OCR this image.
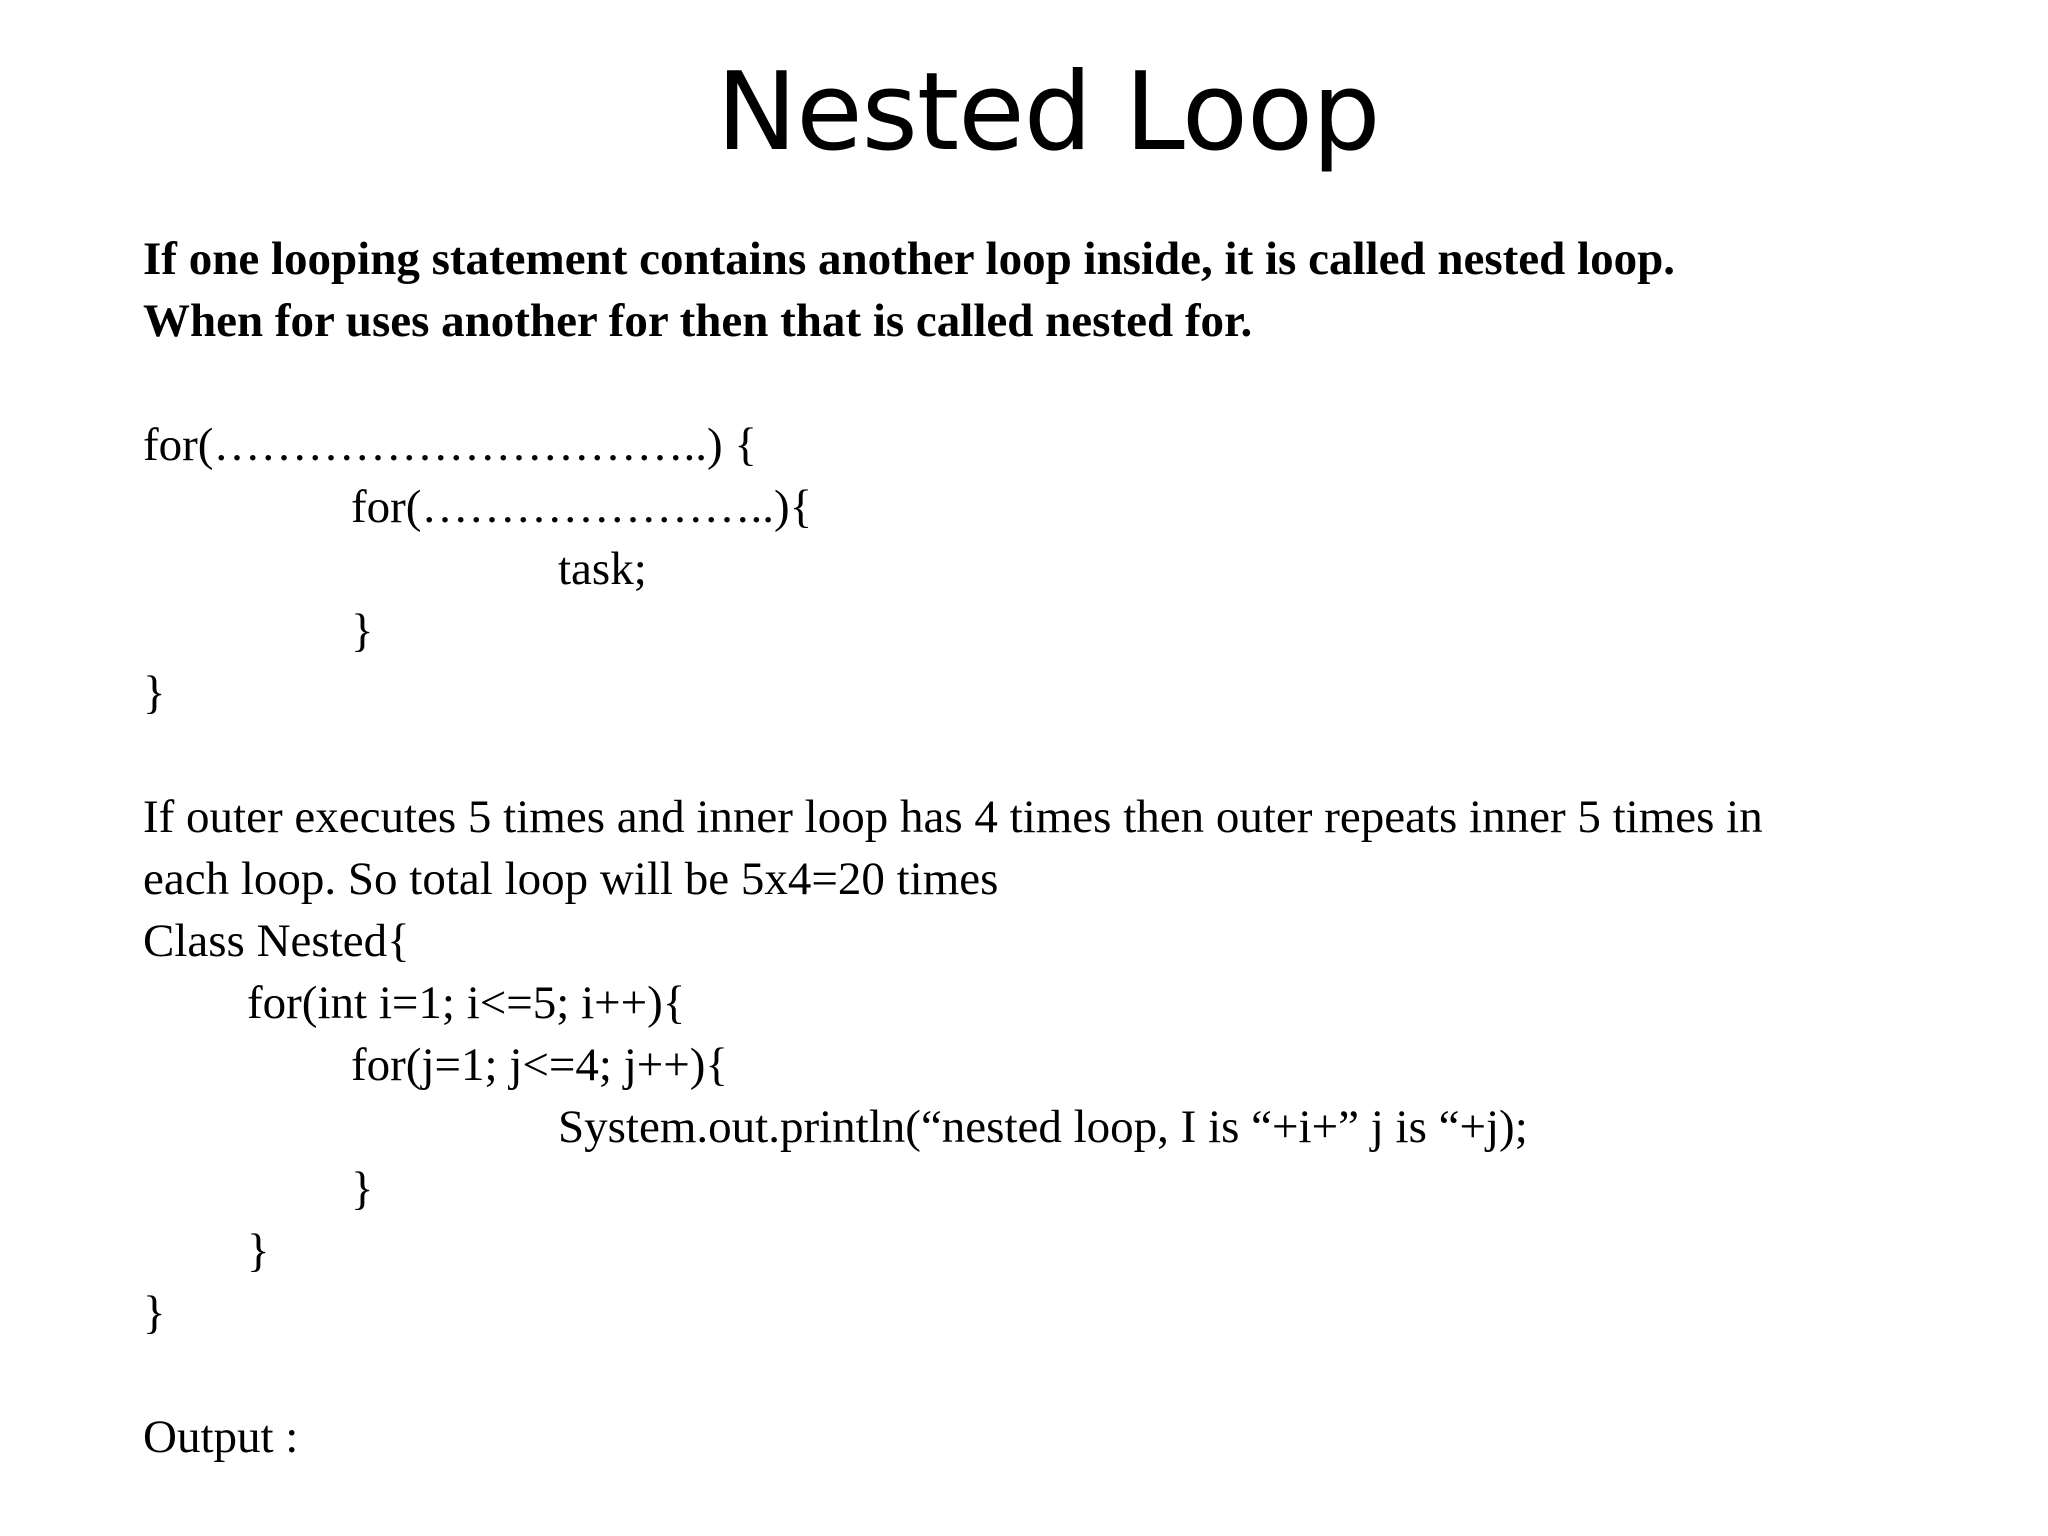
Nested Loop
If one looping statement contains another loop inside, it is called nested loop.
When for uses another for then that is called nested for.
for(…………………………..) {
for(…………………..){
task;
}
}
If outer executes 5 times and inner loop has 4 times then outer repeats inner 5 times in
each loop. So total loop will be 5x4=20 times
Class Nested{
for(int i=1; i<=5; i++){
for(j=1; j<=4; j++){
System.out.println(“nested loop, I is “+i+” j is “+j);
}
}
}
Output :
